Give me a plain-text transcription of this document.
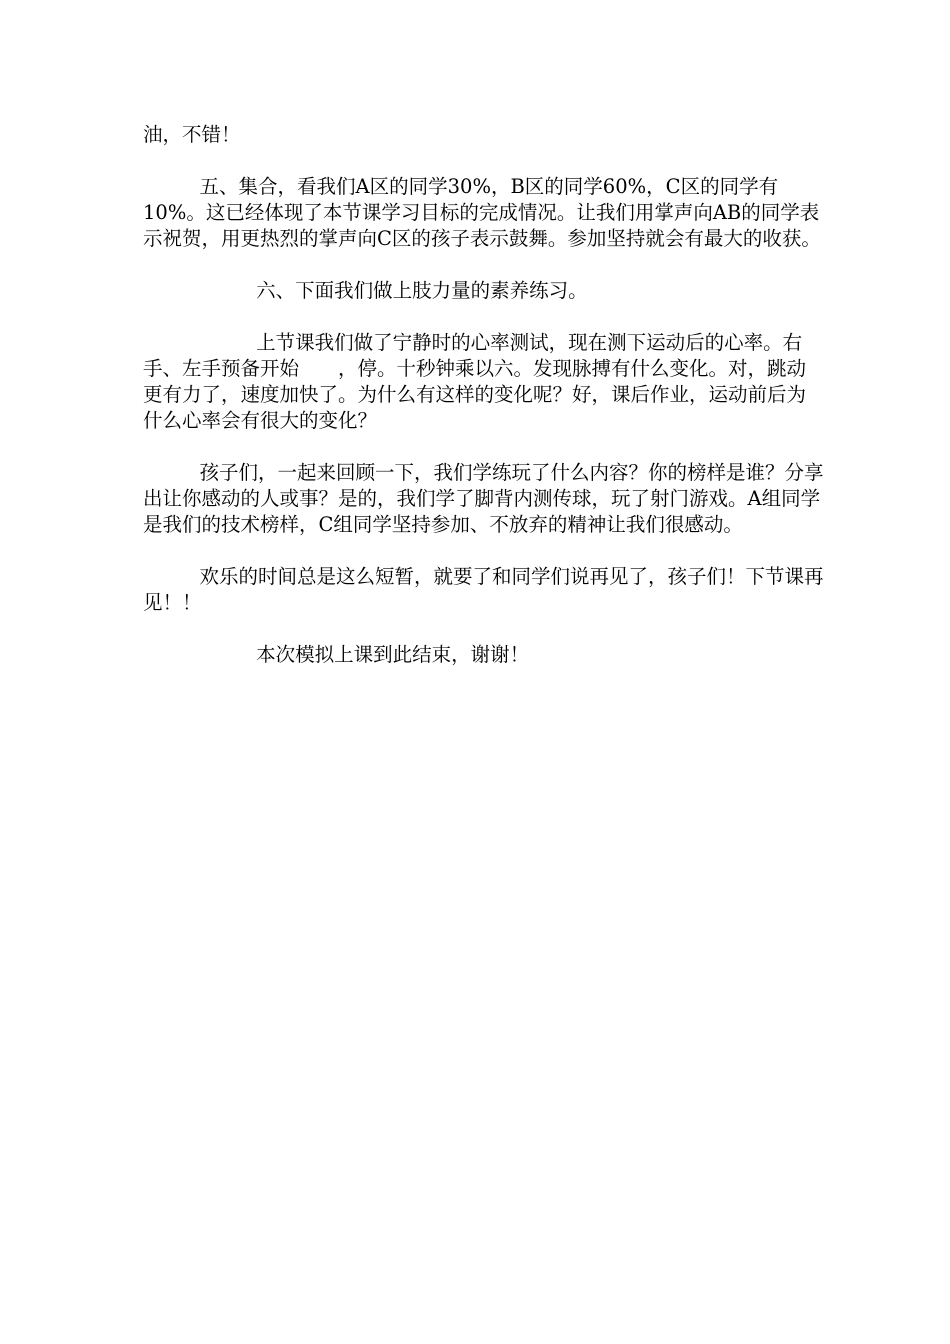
油，不错！

五、集合，看我们A区的同学30%，B区的同学60%，C区的同学有10%。这已经体现了本节课学习目标的完成情况。让我们用掌声向AB的同学表示祝贺，用更热烈的掌声向C区的孩子表示鼓舞。参加坚持就会有最大的收获。

六、下面我们做上肢力量的素养练习。

上节课我们做了宁静时的心率测试，现在测下运动后的心率。右手、左手预备开始　　，停。十秒钟乘以六。发现脉搏有什么变化。对，跳动更有力了，速度加快了。为什么有这样的变化呢？好，课后作业，运动前后为什么心率会有很大的变化？

孩子们，一起来回顾一下，我们学练玩了什么内容？你的榜样是谁？分享出让你感动的人或事？是的，我们学了脚背内测传球，玩了射门游戏。A组同学是我们的技术榜样，C组同学坚持参加、不放弃的精神让我们很感动。

欢乐的时间总是这么短暂，就要了和同学们说再见了，孩子们！下节课再见！！

本次模拟上课到此结束，谢谢！
